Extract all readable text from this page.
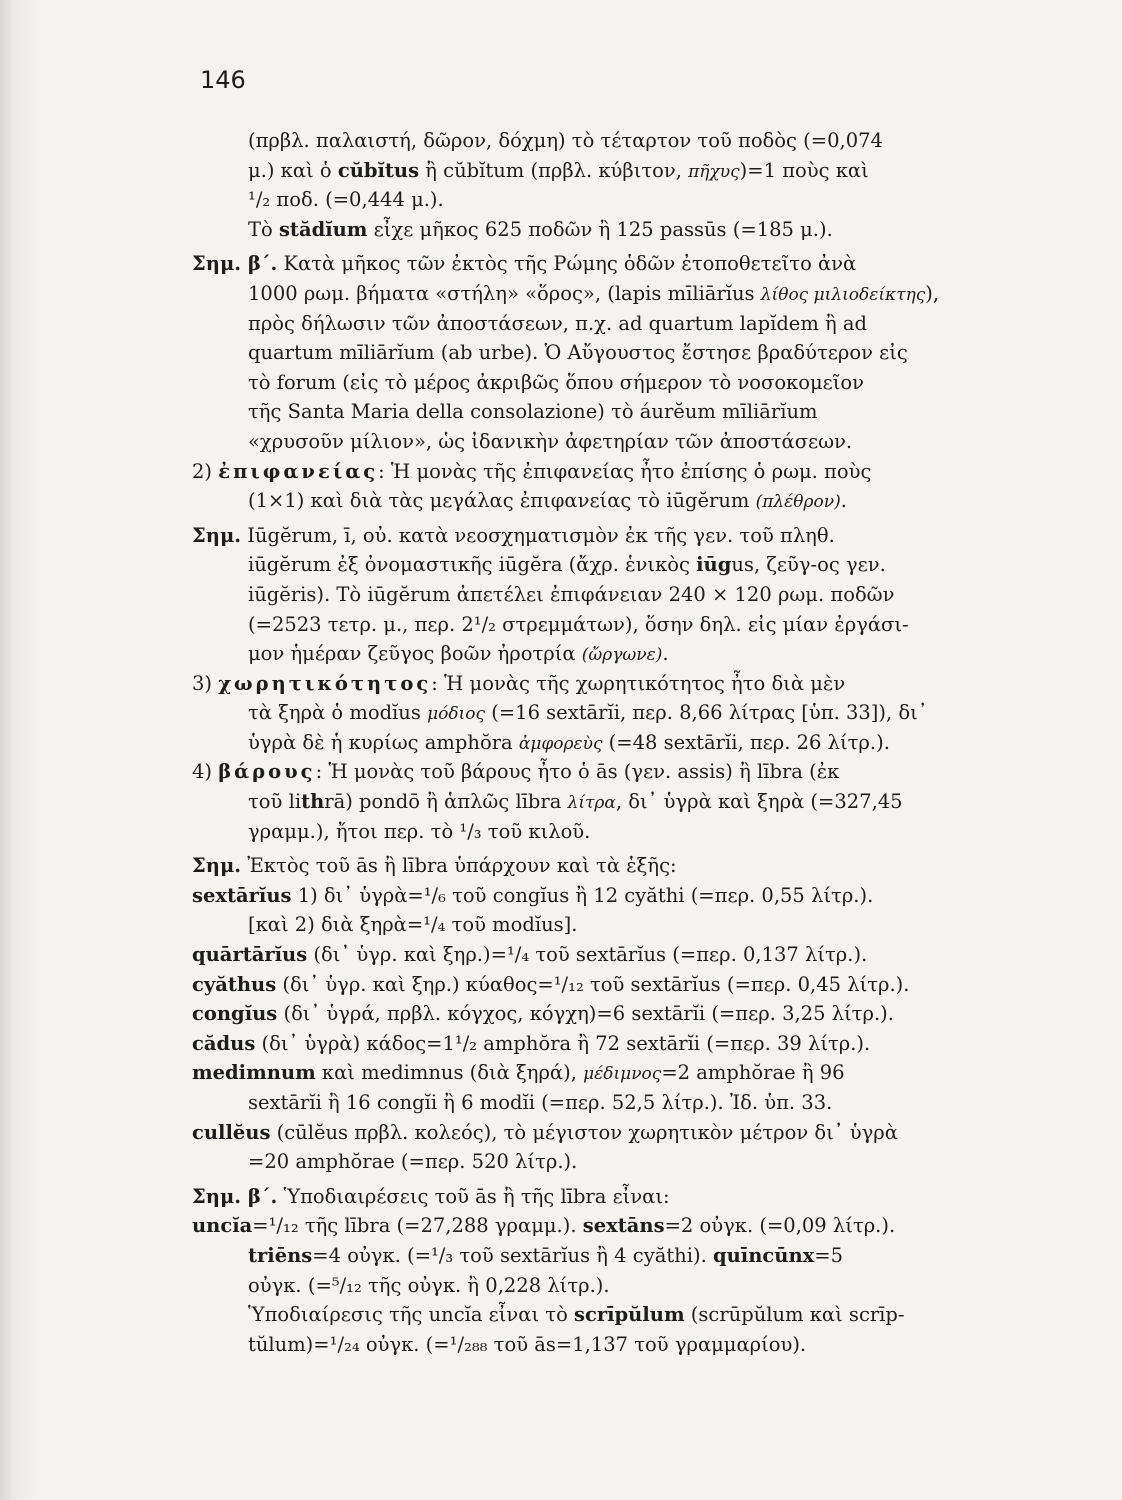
146
(πρβλ. παλαιστή, δῶρον, δόχμη) τὸ τέταρτον τοῦ ποδὸς (=0,074
μ.) καὶ ὁ cŭbĭtus ἢ cŭbĭtum (πρβλ. κύβιτον, πῆχυς)=1 ποὺς καὶ
¹/₂ ποδ. (=0,444 μ.).
Τὸ stădĭum εἶχε μῆκος 625 ποδῶν ἢ 125 passūs (=185 μ.).
Σημ. β΄. Κατὰ μῆκος τῶν ἐκτὸς τῆς Ρώμης ὁδῶν ἐτοποθετεῖτο ἀνὰ
1000 ρωμ. βήματα «στήλη» «ὅρος», (lapis mīliārĭus λίθος μιλιοδείκτης),
πρὸς δήλωσιν τῶν ἀποστάσεων, π.χ. ad quartum lapĭdem ἢ ad
quartum mīliārĭum (ab urbe). Ὁ Αὔγουστος ἔστησε βραδύτερον εἰς
τὸ forum (εἰς τὸ μέρος ἀκριβῶς ὅπου σήμερον τὸ νοσοκομεῖον
τῆς Santa Maria della consolazione) τὸ áurĕum mīliārĭum
«χρυσοῦν μίλιον», ὡς ἰδανικὴν ἀφετηρίαν τῶν ἀποστάσεων.
2) ἐπιφανείας: Ἡ μονὰς τῆς ἐπιφανείας ἦτο ἐπίσης ὁ ρωμ. ποὺς
(1×1) καὶ διὰ τὰς μεγάλας ἐπιφανείας τὸ iūgĕrum (πλέθρον).
Σημ. Iūgĕrum, ī, οὐ. κατὰ νεοσχηματισμὸν ἐκ τῆς γεν. τοῦ πληθ.
iūgĕrum ἐξ ὀνομαστικῆς iūgĕra (ἄχρ. ἑνικὸς iūgus, ζεῦγ-ος γεν.
iūgĕris). Τὸ iūgĕrum ἀπετέλει ἐπιφάνειαν 240 × 120 ρωμ. ποδῶν
(=2523 τετρ. μ., περ. 2¹/₂ στρεμμάτων), ὅσην δηλ. εἰς μίαν ἐργάσι-
μον ἡμέραν ζεῦγος βοῶν ἠροτρία (ὤργωνε).
3) χωρητικότητος: Ἡ μονὰς τῆς χωρητικότητος ἦτο διὰ μὲν
τὰ ξηρὰ ὁ modĭus μόδιος (=16 sextārĭi, περ. 8,66 λίτρας [ὑπ. 33]), δι᾽
ὑγρὰ δὲ ἡ κυρίως amphŏra ἀμφορεὺς (=48 sextārĭi, περ. 26 λίτρ.).
4) βάρους: Ἡ μονὰς τοῦ βάρους ἦτο ὁ ās (γεν. assis) ἢ lībra (ἐκ
τοῦ lithrā) pondō ἢ ἁπλῶς lībra λίτρα, δι᾽ ὑγρὰ καὶ ξηρὰ (=327,45
γραμμ.), ἤτοι περ. τὸ ¹/₃ τοῦ κιλοῦ.
Σημ. Ἐκτὸς τοῦ ās ἢ lībra ὑπάρχουν καὶ τὰ ἑξῆς:
sextārĭus 1) δι᾽ ὑγρὰ=¹/₆ τοῦ congĭus ἢ 12 cyăthi (=περ. 0,55 λίτρ.).
[καὶ 2) διὰ ξηρὰ=¹/₄ τοῦ modĭus].
quārtārĭus (δι᾽ ὑγρ. καὶ ξηρ.)=¹/₄ τοῦ sextārĭus (=περ. 0,137 λίτρ.).
cyăthus (δι᾽ ὑγρ. καὶ ξηρ.) κύαθος=¹/₁₂ τοῦ sextārĭus (=περ. 0,45 λίτρ.).
congĭus (δι᾽ ὑγρά, πρβλ. κόγχος, κόγχη)=6 sextārĭi (=περ. 3,25 λίτρ.).
cădus (δι᾽ ὑγρὰ) κάδος=1¹/₂ amphŏra ἢ 72 sextārĭi (=περ. 39 λίτρ.).
medimnum καὶ medimnus (διὰ ξηρά), μέδιμνος=2 amphŏrae ἢ 96
sextārĭi ἢ 16 congĭi ἢ 6 modĭi (=περ. 52,5 λίτρ.). Ἰδ. ὑπ. 33.
cullĕus (cūlĕus πρβλ. κολεός), τὸ μέγιστον χωρητικὸν μέτρον δι᾽ ὑγρὰ
=20 amphŏrae (=περ. 520 λίτρ.).
Σημ. β΄. Ὑποδιαιρέσεις τοῦ ās ἢ τῆς lībra εἶναι:
uncĭa=¹/₁₂ τῆς lībra (=27,288 γραμμ.). sextāns=2 οὐγκ. (=0,09 λίτρ.).
triēns=4 οὐγκ. (=¹/₃ τοῦ sextārĭus ἢ 4 cyăthi). quīncūnx=5
οὐγκ. (=⁵/₁₂ τῆς οὐγκ. ἢ 0,228 λίτρ.).
Ὑποδιαίρεσις τῆς uncĭa εἶναι τὸ scrīpŭlum (scrūpŭlum καὶ scrīp-
tŭlum)=¹/₂₄ οὐγκ. (=¹/₂₈₈ τοῦ ās=1,137 τοῦ γραμμαρίου).
